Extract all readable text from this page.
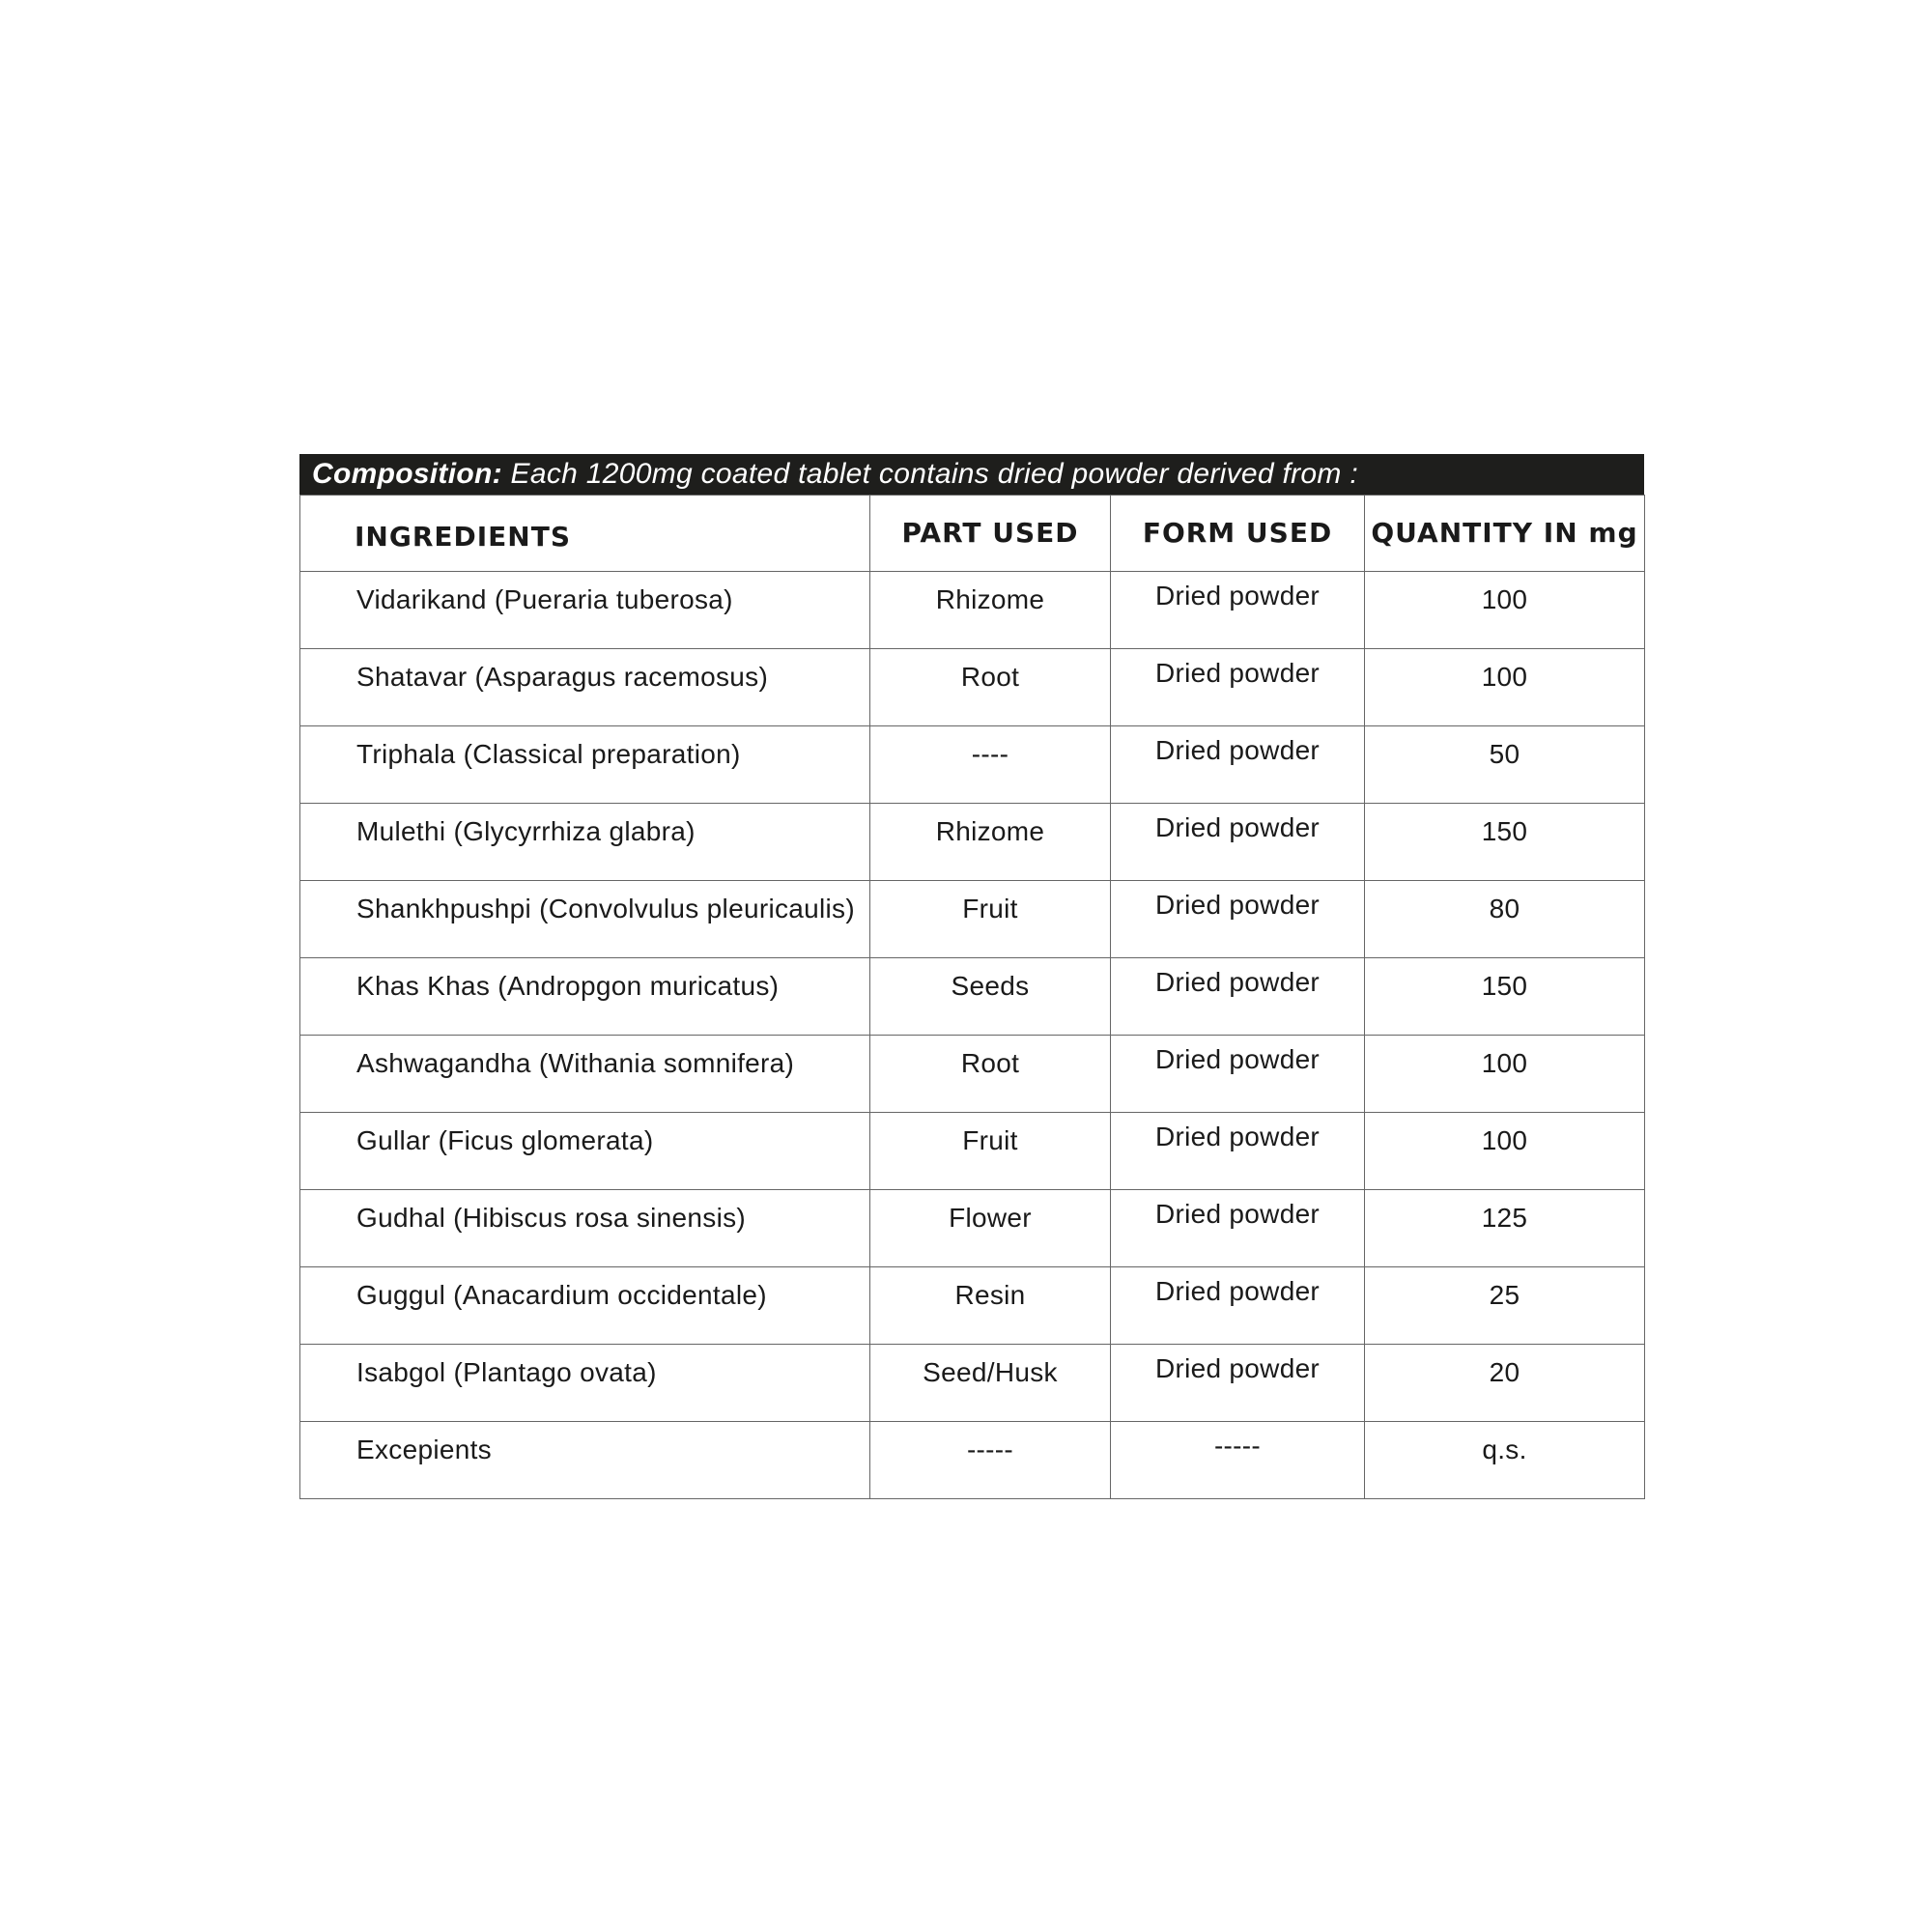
Composition: Each 1200mg coated tablet contains dried powder derived from :
INGREDIENTS	PART USED	FORM USED	QUANTITY IN mg
Vidarikand (Pueraria tuberosa)	Rhizome	Dried powder	100
Shatavar (Asparagus racemosus)	Root	Dried powder	100
Triphala (Classical preparation)	----	Dried powder	50
Mulethi (Glycyrrhiza glabra)	Rhizome	Dried powder	150
Shankhpushpi (Convolvulus pleuricaulis)	Fruit	Dried powder	80
Khas Khas (Andropgon muricatus)	Seeds	Dried powder	150
Ashwagandha (Withania somnifera)	Root	Dried powder	100
Gullar (Ficus glomerata)	Fruit	Dried powder	100
Gudhal (Hibiscus rosa sinensis)	Flower	Dried powder	125
Guggul (Anacardium occidentale)	Resin	Dried powder	25
Isabgol (Plantago ovata)	Seed/Husk	Dried powder	20
Excepients	-----	-----	q.s.
